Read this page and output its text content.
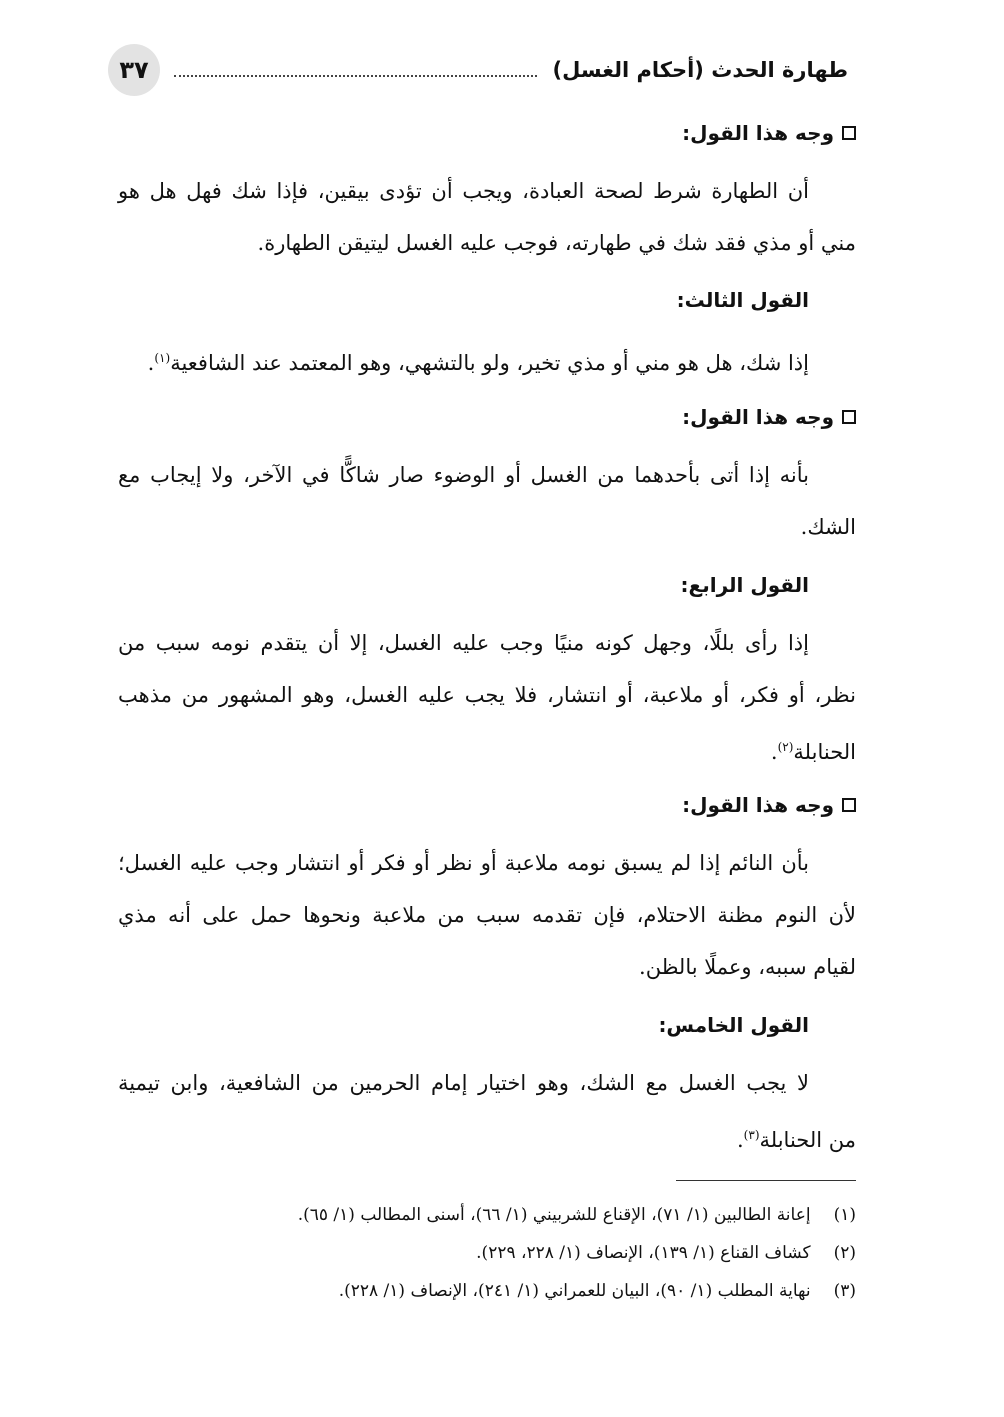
طهارة الحدث (أحكام الغسل)
٣٧
وجه هذا القول:
أن الطهارة شرط لصحة العبادة، ويجب أن تؤدى بيقين، فإذا شك فهل هل هو
مني أو مذي فقد شك في طهارته، فوجب عليه الغسل ليتيقن الطهارة.
القول الثالث:
إذا شك، هل هو مني أو مذي تخير، ولو بالتشهي، وهو المعتمد عند الشافعية$^{(١)}$.
وجه هذا القول:
بأنه إذا أتى بأحدهما من الغسل أو الوضوء صار شاكًّا في الآخر، ولا إيجاب مع
الشك.
القول الرابع:
إذا رأى بللًا، وجهل كونه منيًا وجب عليه الغسل، إلا أن يتقدم نومه سبب من
نظر، أو فكر، أو ملاعبة، أو انتشار، فلا يجب عليه الغسل، وهو المشهور من مذهب
الحنابلة$^{(٢)}$.
وجه هذا القول:
بأن النائم إذا لم يسبق نومه ملاعبة أو نظر أو فكر أو انتشار وجب عليه الغسل؛
لأن النوم مظنة الاحتلام، فإن تقدمه سبب من ملاعبة ونحوها حمل على أنه مذي
لقيام سببه، وعملًا بالظن.
القول الخامس:
لا يجب الغسل مع الشك، وهو اختيار إمام الحرمين من الشافعية، وابن تيمية
من الحنابلة$^{(٣)}$.
(١) إعانة الطالبين (١/ ٧١)، الإقناع للشربيني (١/ ٦٦)، أسنى المطالب (١/ ٦٥).
(٢) كشاف القناع (١/ ١٣٩)، الإنصاف (١/ ٢٢٨، ٢٢٩).
(٣) نهاية المطلب (١/ ٩٠)، البيان للعمراني (١/ ٢٤١)، الإنصاف (١/ ٢٢٨).
